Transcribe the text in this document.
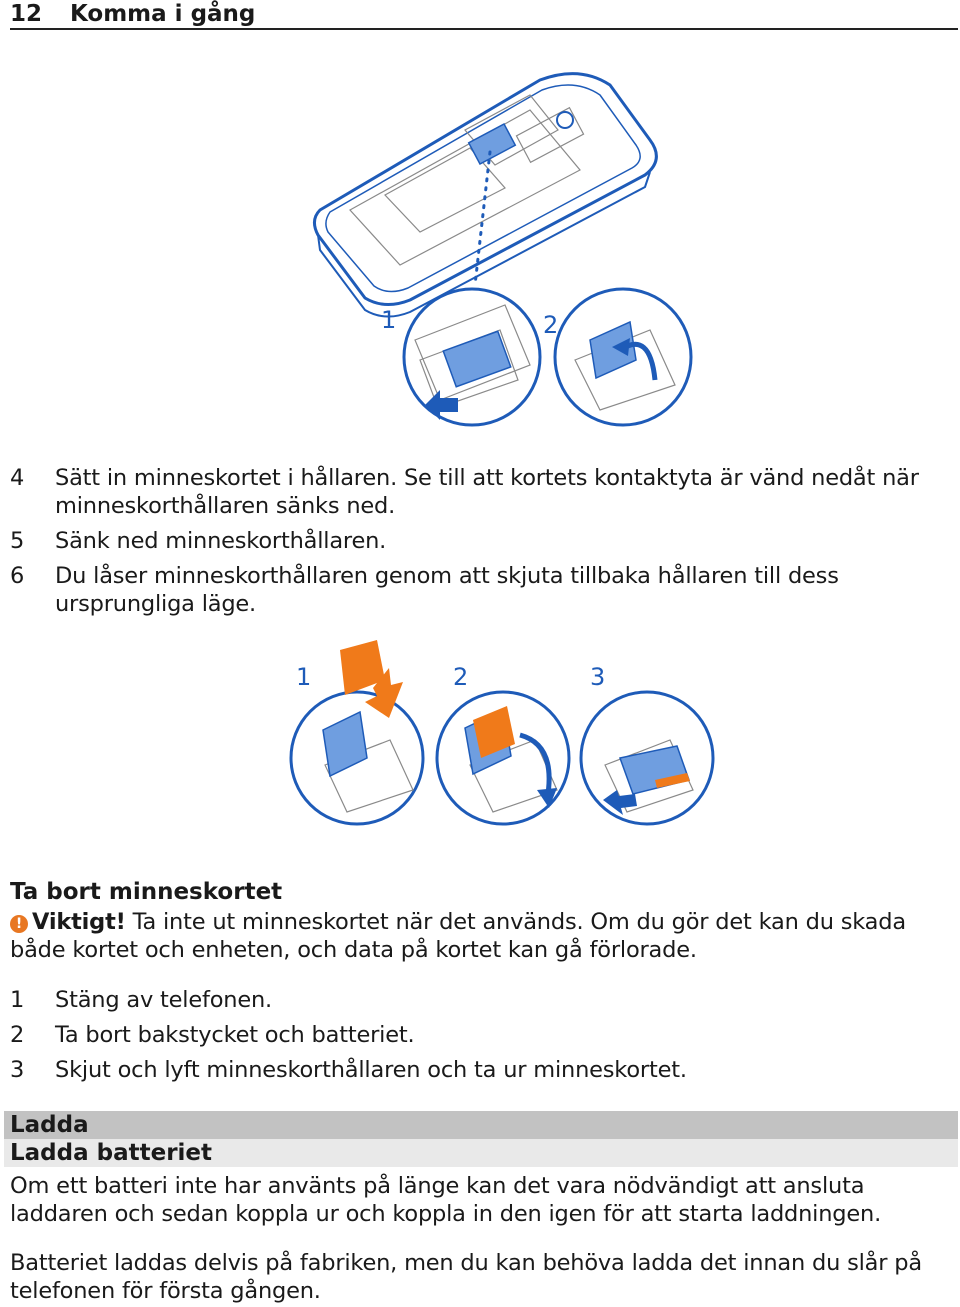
12 Komma i gång
1	2
4	Sätt in minneskortet i hållaren. Se till att kortets kontaktyta är vänd nedåt när minneskorthållaren sänks ned.
5	Sänk ned minneskorthållaren.
6	Du låser minneskorthållaren genom att skjuta tillbaka hållaren till dess ursprungliga läge.
1	2	3
Ta bort minneskortet
! Viktigt! Ta inte ut minneskortet när det används. Om du gör det kan du skada både kortet och enheten, och data på kortet kan gå förlorade.
1	Stäng av telefonen.
2	Ta bort bakstycket och batteriet.
3	Skjut och lyft minneskorthållaren och ta ur minneskortet.
Ladda
Ladda batteriet
Om ett batteri inte har använts på länge kan det vara nödvändigt att ansluta laddaren och sedan koppla ur och koppla in den igen för att starta laddningen.
Batteriet laddas delvis på fabriken, men du kan behöva ladda det innan du slår på telefonen för första gången.
